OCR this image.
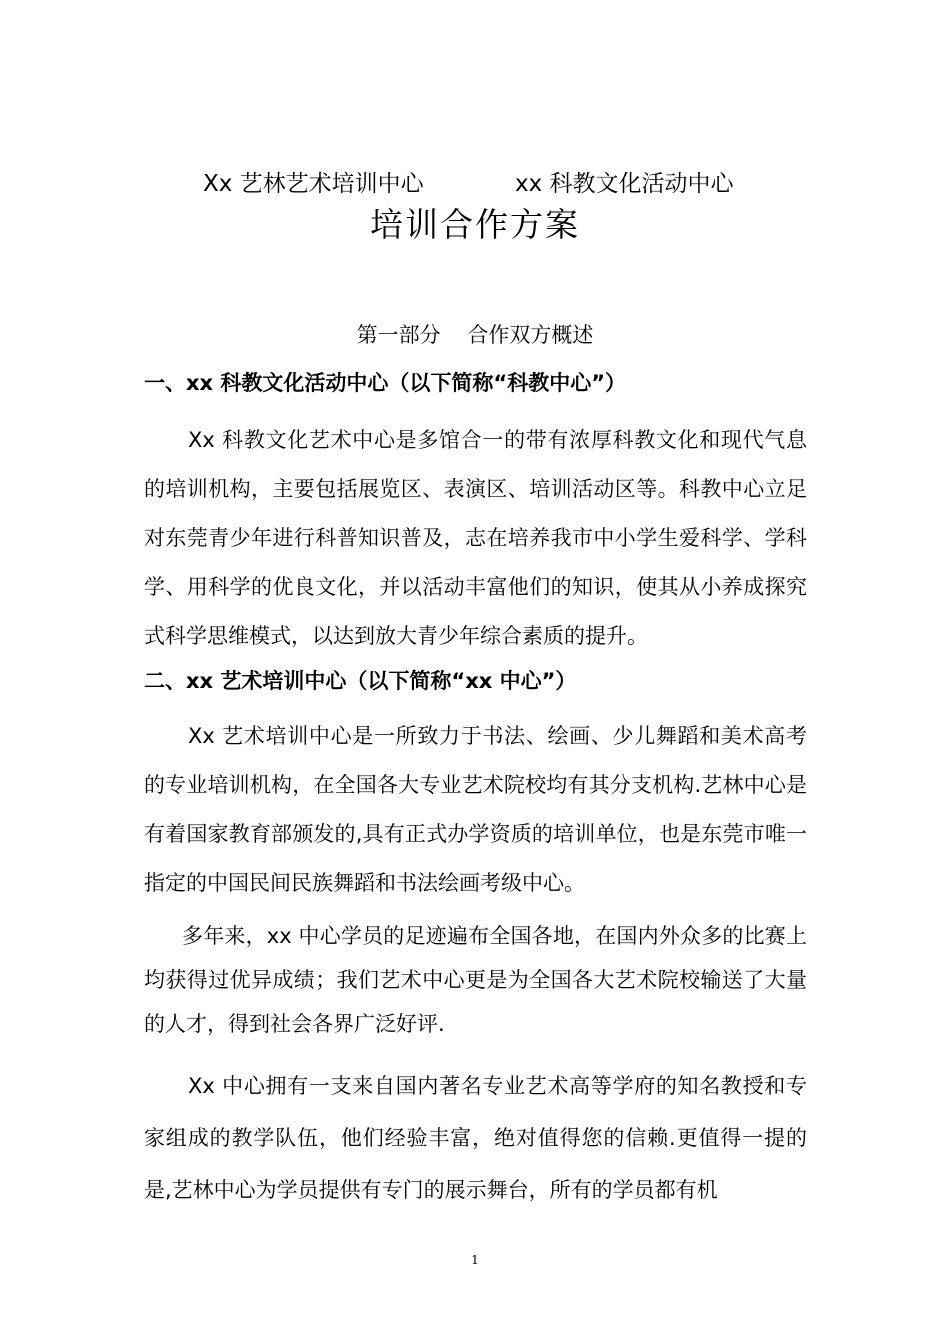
Xx 艺林艺术培训中心	xx 科教文化活动中心
培训合作方案
第一部分    合作双方概述
一、xx 科教文化活动中心（以下简称“科教中心”）

Xx 科教文化艺术中心是多馆合一的带有浓厚科教文化和现代气息的培训机构，主要包括展览区、表演区、培训活动区等。科教中心立足对东莞青少年进行科普知识普及，志在培养我市中小学生爱科学、学科学、用科学的优良文化，并以活动丰富他们的知识，使其从小养成探究式科学思维模式，以达到放大青少年综合素质的提升。

二、xx 艺术培训中心（以下简称“xx 中心”）

Xx 艺术培训中心是一所致力于书法、绘画、少儿舞蹈和美术高考的专业培训机构，在全国各大专业艺术院校均有其分支机构.艺林中心是有着国家教育部颁发的,具有正式办学资质的培训单位，也是东莞市唯一指定的中国民间民族舞蹈和书法绘画考级中心。

多年来，xx 中心学员的足迹遍布全国各地，在国内外众多的比赛上均获得过优异成绩；我们艺术中心更是为全国各大艺术院校输送了大量的人才，得到社会各界广泛好评.

Xx 中心拥有一支来自国内著名专业艺术高等学府的知名教授和专家组成的教学队伍，他们经验丰富，绝对值得您的信赖.更值得一提的是,艺林中心为学员提供有专门的展示舞台，所有的学员都有机

1
